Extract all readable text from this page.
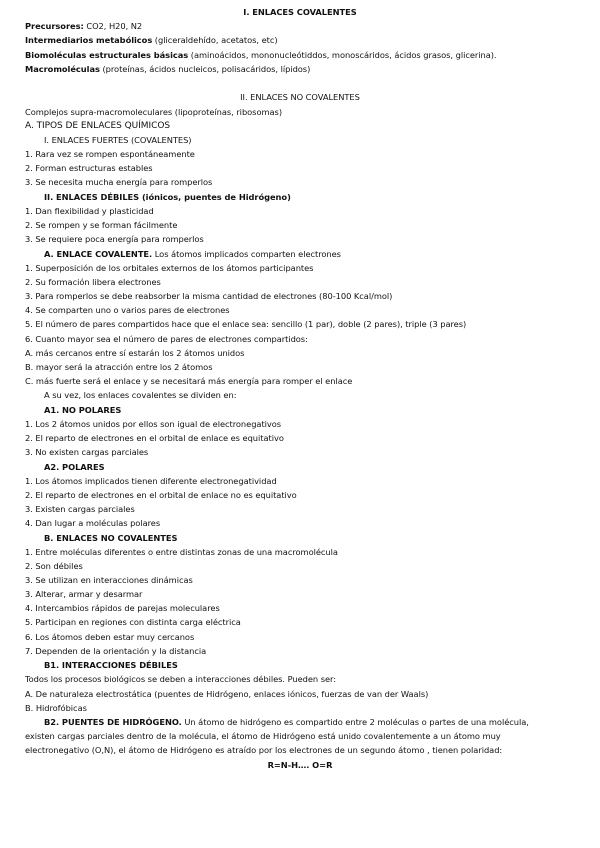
I. ENLACES COVALENTES
Precursores: CO2, H20, N2
Intermediarios metabólicos (gliceraldehído, acetatos, etc)
Biomoléculas estructurales básicas (aminoácidos, mononucleótiddos, monoscáridos, ácidos grasos, glicerina).
Macromoléculas (proteínas, ácidos nucleicos, polisacáridos, lípidos)
II. ENLACES NO COVALENTES
Complejos supra-macromoleculares (lipoproteínas, ribosomas)
A. TIPOS DE ENLACES QUÍMICOS
I. ENLACES FUERTES (COVALENTES)
1. Rara vez se rompen espontáneamente
2. Forman estructuras estables
3. Se necesita mucha energía para romperlos
II. ENLACES DÉBILES (iónicos, puentes de Hidrógeno)
1. Dan flexibilidad y plasticidad
2. Se rompen y se forman fácilmente
3. Se requiere poca energía para romperlos
A. ENLACE COVALENTE. Los átomos implicados comparten electrones
1. Superposición de los orbitales externos de los átomos participantes
2. Su formación libera electrones
3. Para romperlos se debe reabsorber la misma cantidad de electrones (80-100 Kcal/mol)
4. Se comparten uno o varios pares de electrones
5. El número de pares compartidos hace que el enlace sea: sencillo (1 par), doble (2 pares), triple (3 pares)
6. Cuanto mayor sea el número de pares de electrones compartidos:
A. más cercanos entre sí estarán los 2 átomos unidos
B. mayor será la atracción entre los 2 átomos
C. más fuerte será el enlace y se necesitará más energía para romper el enlace
A su vez, los enlaces covalentes se dividen en:
A1. NO POLARES
1. Los 2 átomos unidos por ellos son igual de electronegativos
2. El reparto de electrones en el orbital de enlace es equitativo
3. No existen cargas parciales
A2. POLARES
1. Los átomos implicados tienen diferente electronegatividad
2. El reparto de electrones en el orbital de enlace no es equitativo
3. Existen cargas parciales
4. Dan lugar a moléculas polares
B. ENLACES NO COVALENTES
1. Entre moléculas diferentes o entre distintas zonas de una macromolécula
2. Son débiles
3. Se utilizan en interacciones dinámicas
3. Alterar, armar y desarmar
4. Intercambios rápidos de parejas moleculares
5. Participan en regiones con distinta carga eléctrica
6. Los átomos deben estar muy cercanos
7. Dependen de la orientación y la distancia
B1. INTERACCIONES DÉBILES
Todos los procesos biológicos se deben a interacciones débiles. Pueden ser:
A. De naturaleza electrostática (puentes de Hidrógeno, enlaces iónicos, fuerzas de van der Waals)
B. Hidrofóbicas
B2. PUENTES DE HIDRÓGENO. Un átomo de hidrógeno es compartido entre 2 moléculas o partes de una molécula,
existen cargas parciales dentro de la molécula, el átomo de Hidrógeno está unido covalentemente a un átomo muy
electronegativo (O,N), el átomo de Hidrógeno es atraído por los electrones de un segundo átomo , tienen polaridad:
R=N-H…. O=R
